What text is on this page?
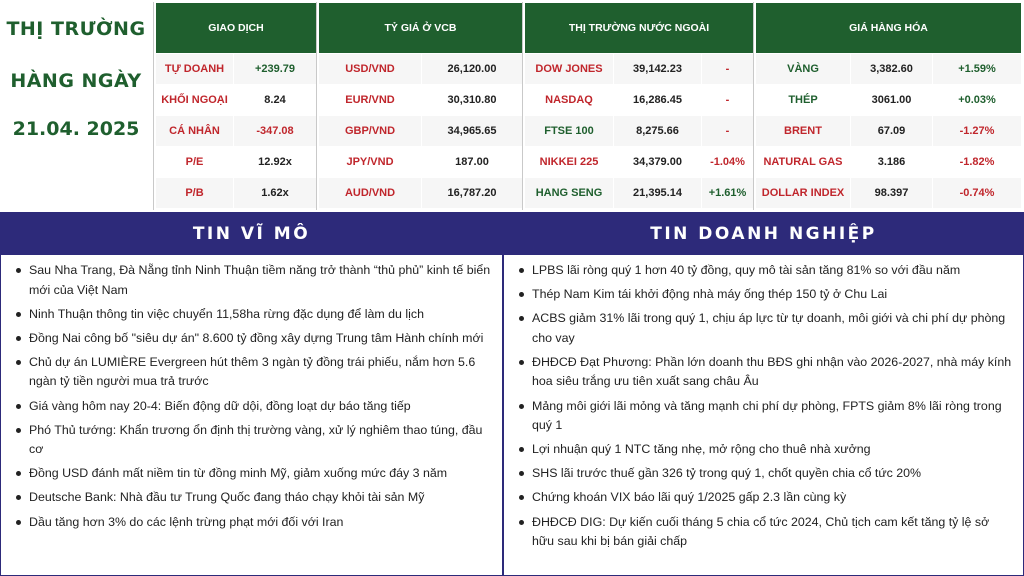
THỊ TRƯỜNG
HÀNG NGÀY
21.04. 2025
GIAO DỊCH	
TỰ DOANH	+239.79
KHỐI NGOẠI	8.24
CÁ NHÂN	-347.08
P/E	12.92x
P/B	1.62x
TỶ GIÁ Ở VCB	
USD/VND	26,120.00
EUR/VND	30,310.80
GBP/VND	34,965.65
JPY/VND	187.00
AUD/VND	16,787.20
THỊ TRƯỜNG NƯỚC NGOÀI		
DOW JONES	39,142.23	-
NASDAQ	16,286.45	-
FTSE 100	8,275.66	-
NIKKEI 225	34,379.00	-1.04%
HANG SENG	21,395.14	+1.61%
GIÁ HÀNG HÓA		
VÀNG	3,382.60	+1.59%
THÉP	3061.00	+0.03%
BRENT	67.09	-1.27%
NATURAL GAS	3.186	-1.82%
DOLLAR INDEX	98.397	-0.74%
TIN VĨ MÔ
Sau Nha Trang, Đà Nẵng tỉnh Ninh Thuận tiềm năng trở thành “thủ phủ” kinh tế biển mới của Việt Nam
Ninh Thuận thông tin việc chuyển 11,58ha rừng đặc dụng để làm du lịch
Đồng Nai công bố "siêu dự án" 8.600 tỷ đồng xây dựng Trung tâm Hành chính mới
Chủ dự án LUMIÈRE Evergreen hút thêm 3 ngàn tỷ đồng trái phiếu, nắm hơn 5.6 ngàn tỷ tiền người mua trả trước
Giá vàng hôm nay 20-4: Biến động dữ dội, đồng loạt dự báo tăng tiếp
Phó Thủ tướng: Khẩn trương ổn định thị trường vàng, xử lý nghiêm thao túng, đầu cơ
Đồng USD đánh mất niềm tin từ đồng minh Mỹ, giảm xuống mức đáy 3 năm
Deutsche Bank: Nhà đầu tư Trung Quốc đang tháo chạy khỏi tài sản Mỹ
Dầu tăng hơn 3% do các lệnh trừng phạt mới đối với Iran
TIN DOANH NGHIỆP
LPBS lãi ròng quý 1 hơn 40 tỷ đồng, quy mô tài sản tăng 81% so với đầu năm
Thép Nam Kim tái khởi động nhà máy ống thép 150 tỷ ở Chu Lai
ACBS giảm 31% lãi trong quý 1, chịu áp lực từ tự doanh, môi giới và chi phí dự phòng cho vay
ĐHĐCĐ Đạt Phương: Phần lớn doanh thu BĐS ghi nhận vào 2026-2027, nhà máy kính hoa siêu trắng ưu tiên xuất sang châu Âu
Mảng môi giới lãi mỏng và tăng mạnh chi phí dự phòng, FPTS giảm 8% lãi ròng trong quý 1
Lợi nhuận quý 1 NTC tăng nhẹ, mở rộng cho thuê nhà xưởng
SHS lãi trước thuế gần 326 tỷ trong quý 1, chốt quyền chia cổ tức 20%
Chứng khoán VIX báo lãi quý 1/2025 gấp 2.3 lần cùng kỳ
ĐHĐCĐ DIG: Dự kiến cuối tháng 5 chia cổ tức 2024, Chủ tịch cam kết tăng tỷ lệ sở hữu sau khi bị bán giải chấp
